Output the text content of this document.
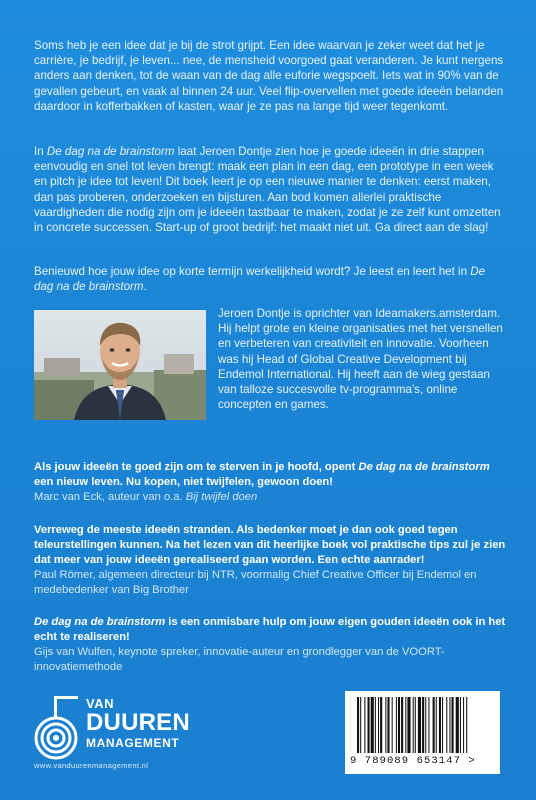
Soms heb je een idee dat je bij de strot grijpt. Een idee waarvan je zeker weet dat het je carrière, je bedrijf, je leven... nee, de mensheid voorgoed gaat veranderen. Je kunt nergens anders aan denken, tot de waan van de dag alle euforie wegspoelt. Iets wat in 90% van de gevallen gebeurt, en vaak al binnen 24 uur. Veel flip-overvellen met goede ideeën belanden daardoor in kofferbakken of kasten, waar je ze pas na lange tijd weer tegenkomt.

In De dag na de brainstorm laat Jeroen Dontje zien hoe je goede ideeën in drie stappen eenvoudig en snel tot leven brengt: maak een plan in een dag, een prototype in een week en pitch je idee tot leven! Dit boek leert je op een nieuwe manier te denken: eerst maken, dan pas proberen, onderzoeken en bijsturen. Aan bod komen allerlei praktische vaardigheden die nodig zijn om je ideeën tastbaar te maken, zodat je ze zelf kunt omzetten in concrete successen. Start-up of groot bedrijf: het maakt niet uit. Ga direct aan de slag!

Benieuwd hoe jouw idee op korte termijn werkelijkheid wordt? Je leest en leert het in De dag na de brainstorm.

Jeroen Dontje is oprichter van Ideamakers.amsterdam. Hij helpt grote en kleine organisaties met het versnellen en verbeteren van creativiteit en innovatie. Voorheen was hij Head of Global Creative Development bij Endemol International. Hij heeft aan de wieg gestaan van talloze succesvolle tv-programma's, online concepten en games.

Als jouw ideeën te goed zijn om te sterven in je hoofd, opent De dag na de brainstorm een nieuw leven. Nu kopen, niet twijfelen, gewoon doen!
Marc van Eck, auteur van o.a. Bij twijfel doen
Verreweg de meeste ideeën stranden. Als bedenker moet je dan ook goed tegen teleurstellingen kunnen. Na het lezen van dit heerlijke boek vol praktische tips zul je zien dat meer van jouw ideeën gerealiseerd gaan worden. Een echte aanrader!
Paul Römer, algemeen directeur bij NTR, voormalig Chief Creative Officer bij Endemol en medebedenker van Big Brother
De dag na de brainstorm is een onmisbare hulp om jouw eigen gouden ideeën ook in het echt te realiseren!
Gijs van Wulfen, keynote spreker, innovatie-auteur en grondlegger van de VOORT-innovatiemethode
VAN
DUUREN
MANAGEMENT
www.vanduurenmanagement.nl	9 789089 653147 >
